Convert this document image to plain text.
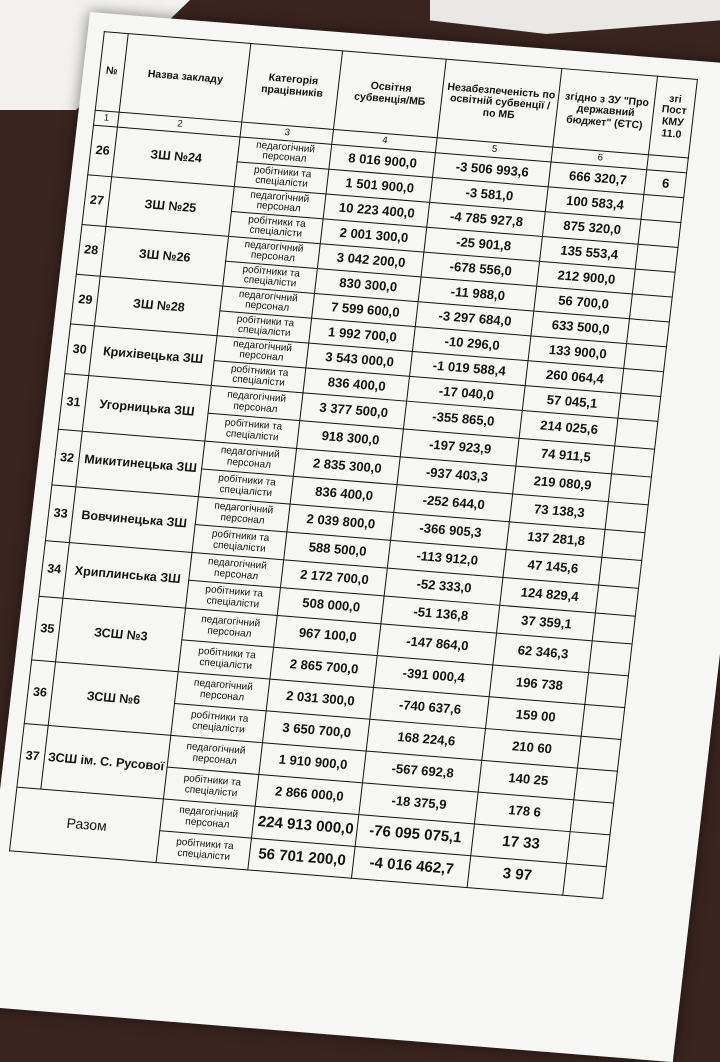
№	Назва закладу	Категорія працівників	Освітня субвенція/МБ	Незабезпеченість по освітній субвенції /по МБ	згідно з ЗУ "Про державний бюджет" (ЄТС)	згі Пост КМУ 11.0
1	2	3	4	5	6	
26	ЗШ №24	педагогічний персонал	8 016 900,0	-3 506 993,6	666 320,7	6
		робітники та спеціалісти	1 501 900,0	-3 581,0	100 583,4	
27	ЗШ №25	педагогічний персонал	10 223 400,0	-4 785 927,8	875 320,0	
		робітники та спеціалісти	2 001 300,0	-25 901,8	135 553,4	
28	ЗШ №26	педагогічний персонал	3 042 200,0	-678 556,0	212 900,0	
		робітники та спеціалісти	830 300,0	-11 988,0	56 700,0	
29	ЗШ №28	педагогічний персонал	7 599 600,0	-3 297 684,0	633 500,0	
		робітники та спеціалісти	1 992 700,0	-10 296,0	133 900,0	
30	Крихівецька ЗШ	педагогічний персонал	3 543 000,0	-1 019 588,4	260 064,4	
		робітники та спеціалісти	836 400,0	-17 040,0	57 045,1	
31	Угорницька ЗШ	педагогічний персонал	3 377 500,0	-355 865,0	214 025,6	
		робітники та спеціалісти	918 300,0	-197 923,9	74 911,5	
32	Микитинецька ЗШ	педагогічний персонал	2 835 300,0	-937 403,3	219 080,9	
		робітники та спеціалісти	836 400,0	-252 644,0	73 138,3	
33	Вовчинецька ЗШ	педагогічний персонал	2 039 800,0	-366 905,3	137 281,8	
		робітники та спеціалісти	588 500,0	-113 912,0	47 145,6	
34	Хриплинська ЗШ	педагогічний персонал	2 172 700,0	-52 333,0	124 829,4	
		робітники та спеціалісти	508 000,0	-51 136,8	37 359,1	
35	ЗСШ №3	педагогічний персонал	967 100,0	-147 864,0	62 346,3	
		робітники та спеціалісти	2 865 700,0	-391 000,4	196 738	
36	ЗСШ №6	педагогічний персонал	2 031 300,0	-740 637,6	159 00	
		робітники та спеціалісти	3 650 700,0	168 224,6	210 60	
37	ЗСШ ім. С. Русової	педагогічний персонал	1 910 900,0	-567 692,8	140 25	
		робітники та спеціалісти	2 866 000,0	-18 375,9	178 6	
Разом		педагогічний персонал	224 913 000,0	-76 095 075,1	17 33	
		робітники та спеціалісти	56 701 200,0	-4 016 462,7	3 97	
